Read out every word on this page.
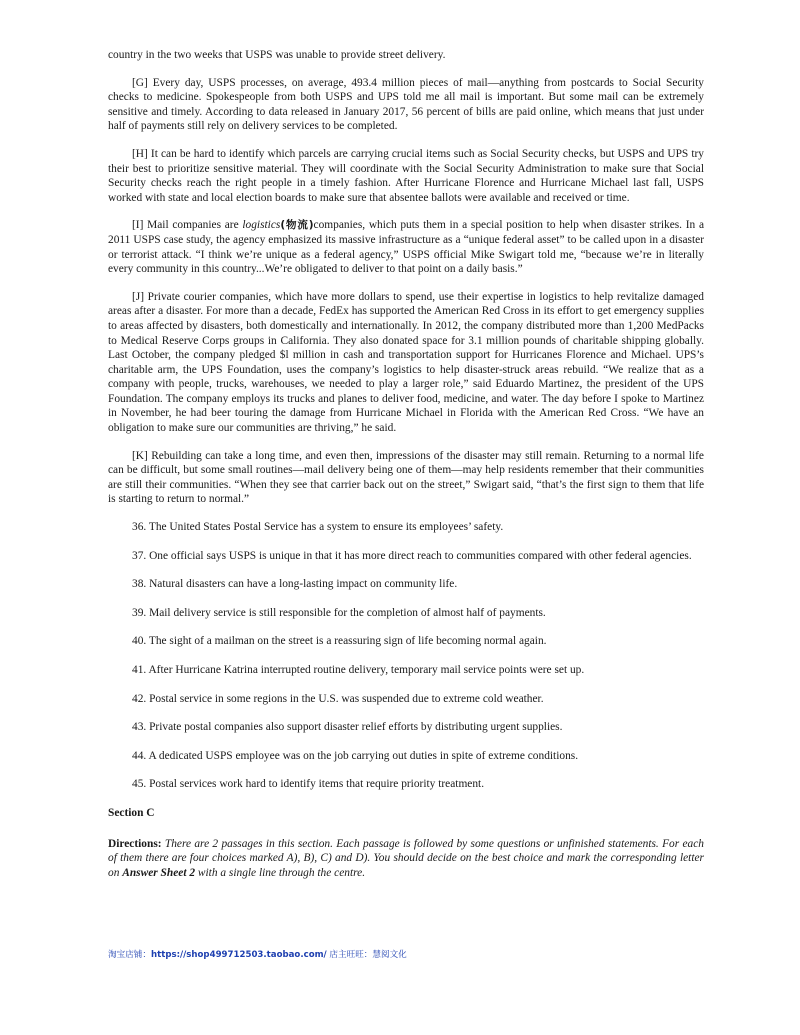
country in the two weeks that USPS was unable to provide street delivery.

[G] Every day, USPS processes, on average, 493.4 million pieces of mail—anything from postcards to Social Security checks to medicine. Spokespeople from both USPS and UPS told me all mail is important. But some mail can be extremely sensitive and timely. According to data released in January 2017, 56 percent of bills are paid online, which means that just under half of payments still rely on delivery services to be completed.

[H] It can be hard to identify which parcels are carrying crucial items such as Social Security checks, but USPS and UPS try their best to prioritize sensitive material. They will coordinate with the Social Security Administration to make sure that Social Security checks reach the right people in a timely fashion. After Hurricane Florence and Hurricane Michael last fall, USPS worked with state and local election boards to make sure that absentee ballots were available and received or time.

[I] Mail companies are logistics(物流)companies, which puts them in a special position to help when disaster strikes. In a 2011 USPS case study, the agency emphasized its massive infrastructure as a “unique federal asset” to be called upon in a disaster or terrorist attack. “I think we’re unique as a federal agency,” USPS official Mike Swigart told me, “because we’re in literally every community in this country...We’re obligated to deliver to that point on a daily basis.”

[J] Private courier companies, which have more dollars to spend, use their expertise in logistics to help revitalize damaged areas after a disaster. For more than a decade, FedEx has supported the American Red Cross in its effort to get emergency supplies to areas affected by disasters, both domestically and internationally. In 2012, the company distributed more than 1,200 MedPacks to Medical Reserve Corps groups in California. They also donated space for 3.1 million pounds of charitable shipping globally. Last October, the company pledged $l million in cash and transportation support for Hurricanes Florence and Michael. UPS’s charitable arm, the UPS Foundation, uses the company’s logistics to help disaster-struck areas rebuild. “We realize that as a company with people, trucks, warehouses, we needed to play a larger role,” said Eduardo Martinez, the president of the UPS Foundation. The company employs its trucks and planes to deliver food, medicine, and water. The day before I spoke to Martinez in November, he had beer touring the damage from Hurricane Michael in Florida with the American Red Cross. “We have an obligation to make sure our communities are thriving,” he said.

[K] Rebuilding can take a long time, and even then, impressions of the disaster may still remain. Returning to a normal life can be difficult, but some small routines—mail delivery being one of them—may help residents remember that their communities are still their communities. “When they see that carrier back out on the street,” Swigart said, “that’s the first sign to them that life is starting to return to normal.”

36. The United States Postal Service has a system to ensure its employees’ safety.

37. One official says USPS is unique in that it has more direct reach to communities compared with other federal agencies.

38. Natural disasters can have a long-lasting impact on community life.

39. Mail delivery service is still responsible for the completion of almost half of payments.

40. The sight of a mailman on the street is a reassuring sign of life becoming normal again.

41. After Hurricane Katrina interrupted routine delivery, temporary mail service points were set up.

42. Postal service in some regions in the U.S. was suspended due to extreme cold weather.

43. Private postal companies also support disaster relief efforts by distributing urgent supplies.

44. A dedicated USPS employee was on the job carrying out duties in spite of extreme conditions.

45. Postal services work hard to identify items that require priority treatment.

Section C

Directions: There are 2 passages in this section. Each passage is followed by some questions or unfinished statements. For each of them there are four choices marked A), B), C) and D). You should decide on the best choice and mark the corresponding letter on Answer Sheet 2 with a single line through the centre.

淘宝店铺：https://shop499712503.taobao.com/ 店主旺旺：慧阅文化
